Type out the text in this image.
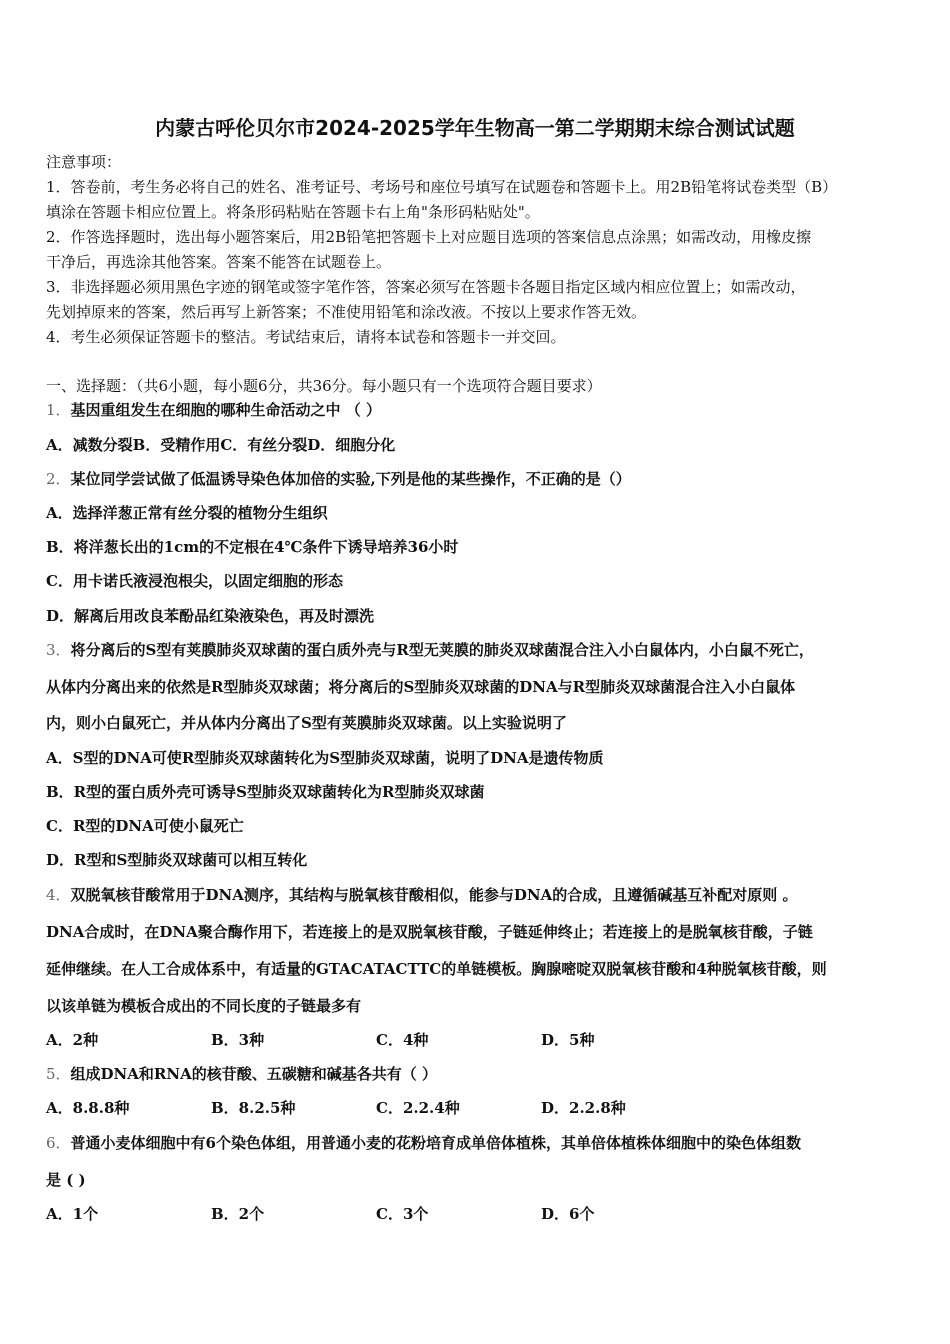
内蒙古呼伦贝尔市2024-2025学年生物高一第二学期期末综合测试试题
注意事项：
1．答卷前，考生务必将自己的姓名、准考证号、考场号和座位号填写在试题卷和答题卡上。用2B铅笔将试卷类型（B）
填涂在答题卡相应位置上。将条形码粘贴在答题卡右上角"条形码粘贴处"。
2．作答选择题时，选出每小题答案后，用2B铅笔把答题卡上对应题目选项的答案信息点涂黑；如需改动，用橡皮擦
干净后，再选涂其他答案。答案不能答在试题卷上。
3．非选择题必须用黑色字迹的钢笔或签字笔作答，答案必须写在答题卡各题目指定区域内相应位置上；如需改动，
先划掉原来的答案，然后再写上新答案；不准使用铅笔和涂改液。不按以上要求作答无效。
4．考生必须保证答题卡的整洁。考试结束后，请将本试卷和答题卡一并交回。
一、选择题：（共6小题，每小题6分，共36分。每小题只有一个选项符合题目要求）
1．基因重组发生在细胞的哪种生命活动之中 （ ）
A．减数分裂B．受精作用C．有丝分裂D．细胞分化
2．某位同学尝试做了低温诱导染色体加倍的实验,下列是他的某些操作，不正确的是（）
A．选择洋葱正常有丝分裂的植物分生组织
B．将洋葱长出的1cm的不定根在4℃条件下诱导培养36小时
C．用卡诺氏液浸泡根尖，以固定细胞的形态
D．解离后用改良苯酚品红染液染色，再及时漂洗
3．将分离后的S型有荚膜肺炎双球菌的蛋白质外壳与R型无荚膜的肺炎双球菌混合注入小白鼠体内，小白鼠不死亡，
从体内分离出来的依然是R型肺炎双球菌；将分离后的S型肺炎双球菌的DNA与R型肺炎双球菌混合注入小白鼠体
内，则小白鼠死亡，并从体内分离出了S型有荚膜肺炎双球菌。以上实验说明了
A．S型的DNA可使R型肺炎双球菌转化为S型肺炎双球菌，说明了DNA是遗传物质
B．R型的蛋白质外壳可诱导S型肺炎双球菌转化为R型肺炎双球菌
C．R型的DNA可使小鼠死亡
D．R型和S型肺炎双球菌可以相互转化
4．双脱氧核苷酸常用于DNA测序，其结构与脱氧核苷酸相似，能参与DNA的合成，且遵循碱基互补配对原则 。
DNA合成时，在DNA聚合酶作用下，若连接上的是双脱氧核苷酸，子链延伸终止；若连接上的是脱氧核苷酸，子链
延伸继续。在人工合成体系中，有适量的GTACATACTTC的单链模板。胸腺嘧啶双脱氧核苷酸和4种脱氧核苷酸，则
以该单链为模板合成出的不同长度的子链最多有
A．2种	B．3种	C．4种	D．5种
5．组成DNA和RNA的核苷酸、五碳糖和碱基各共有（ ）
A．8.8.8种	B．8.2.5种	C．2.2.4种	D．2.2.8种
6．普通小麦体细胞中有6个染色体组，用普通小麦的花粉培育成单倍体植株，其单倍体植株体细胞中的染色体组数
是 ( )
A．1个	B．2个	C．3个	D．6个
